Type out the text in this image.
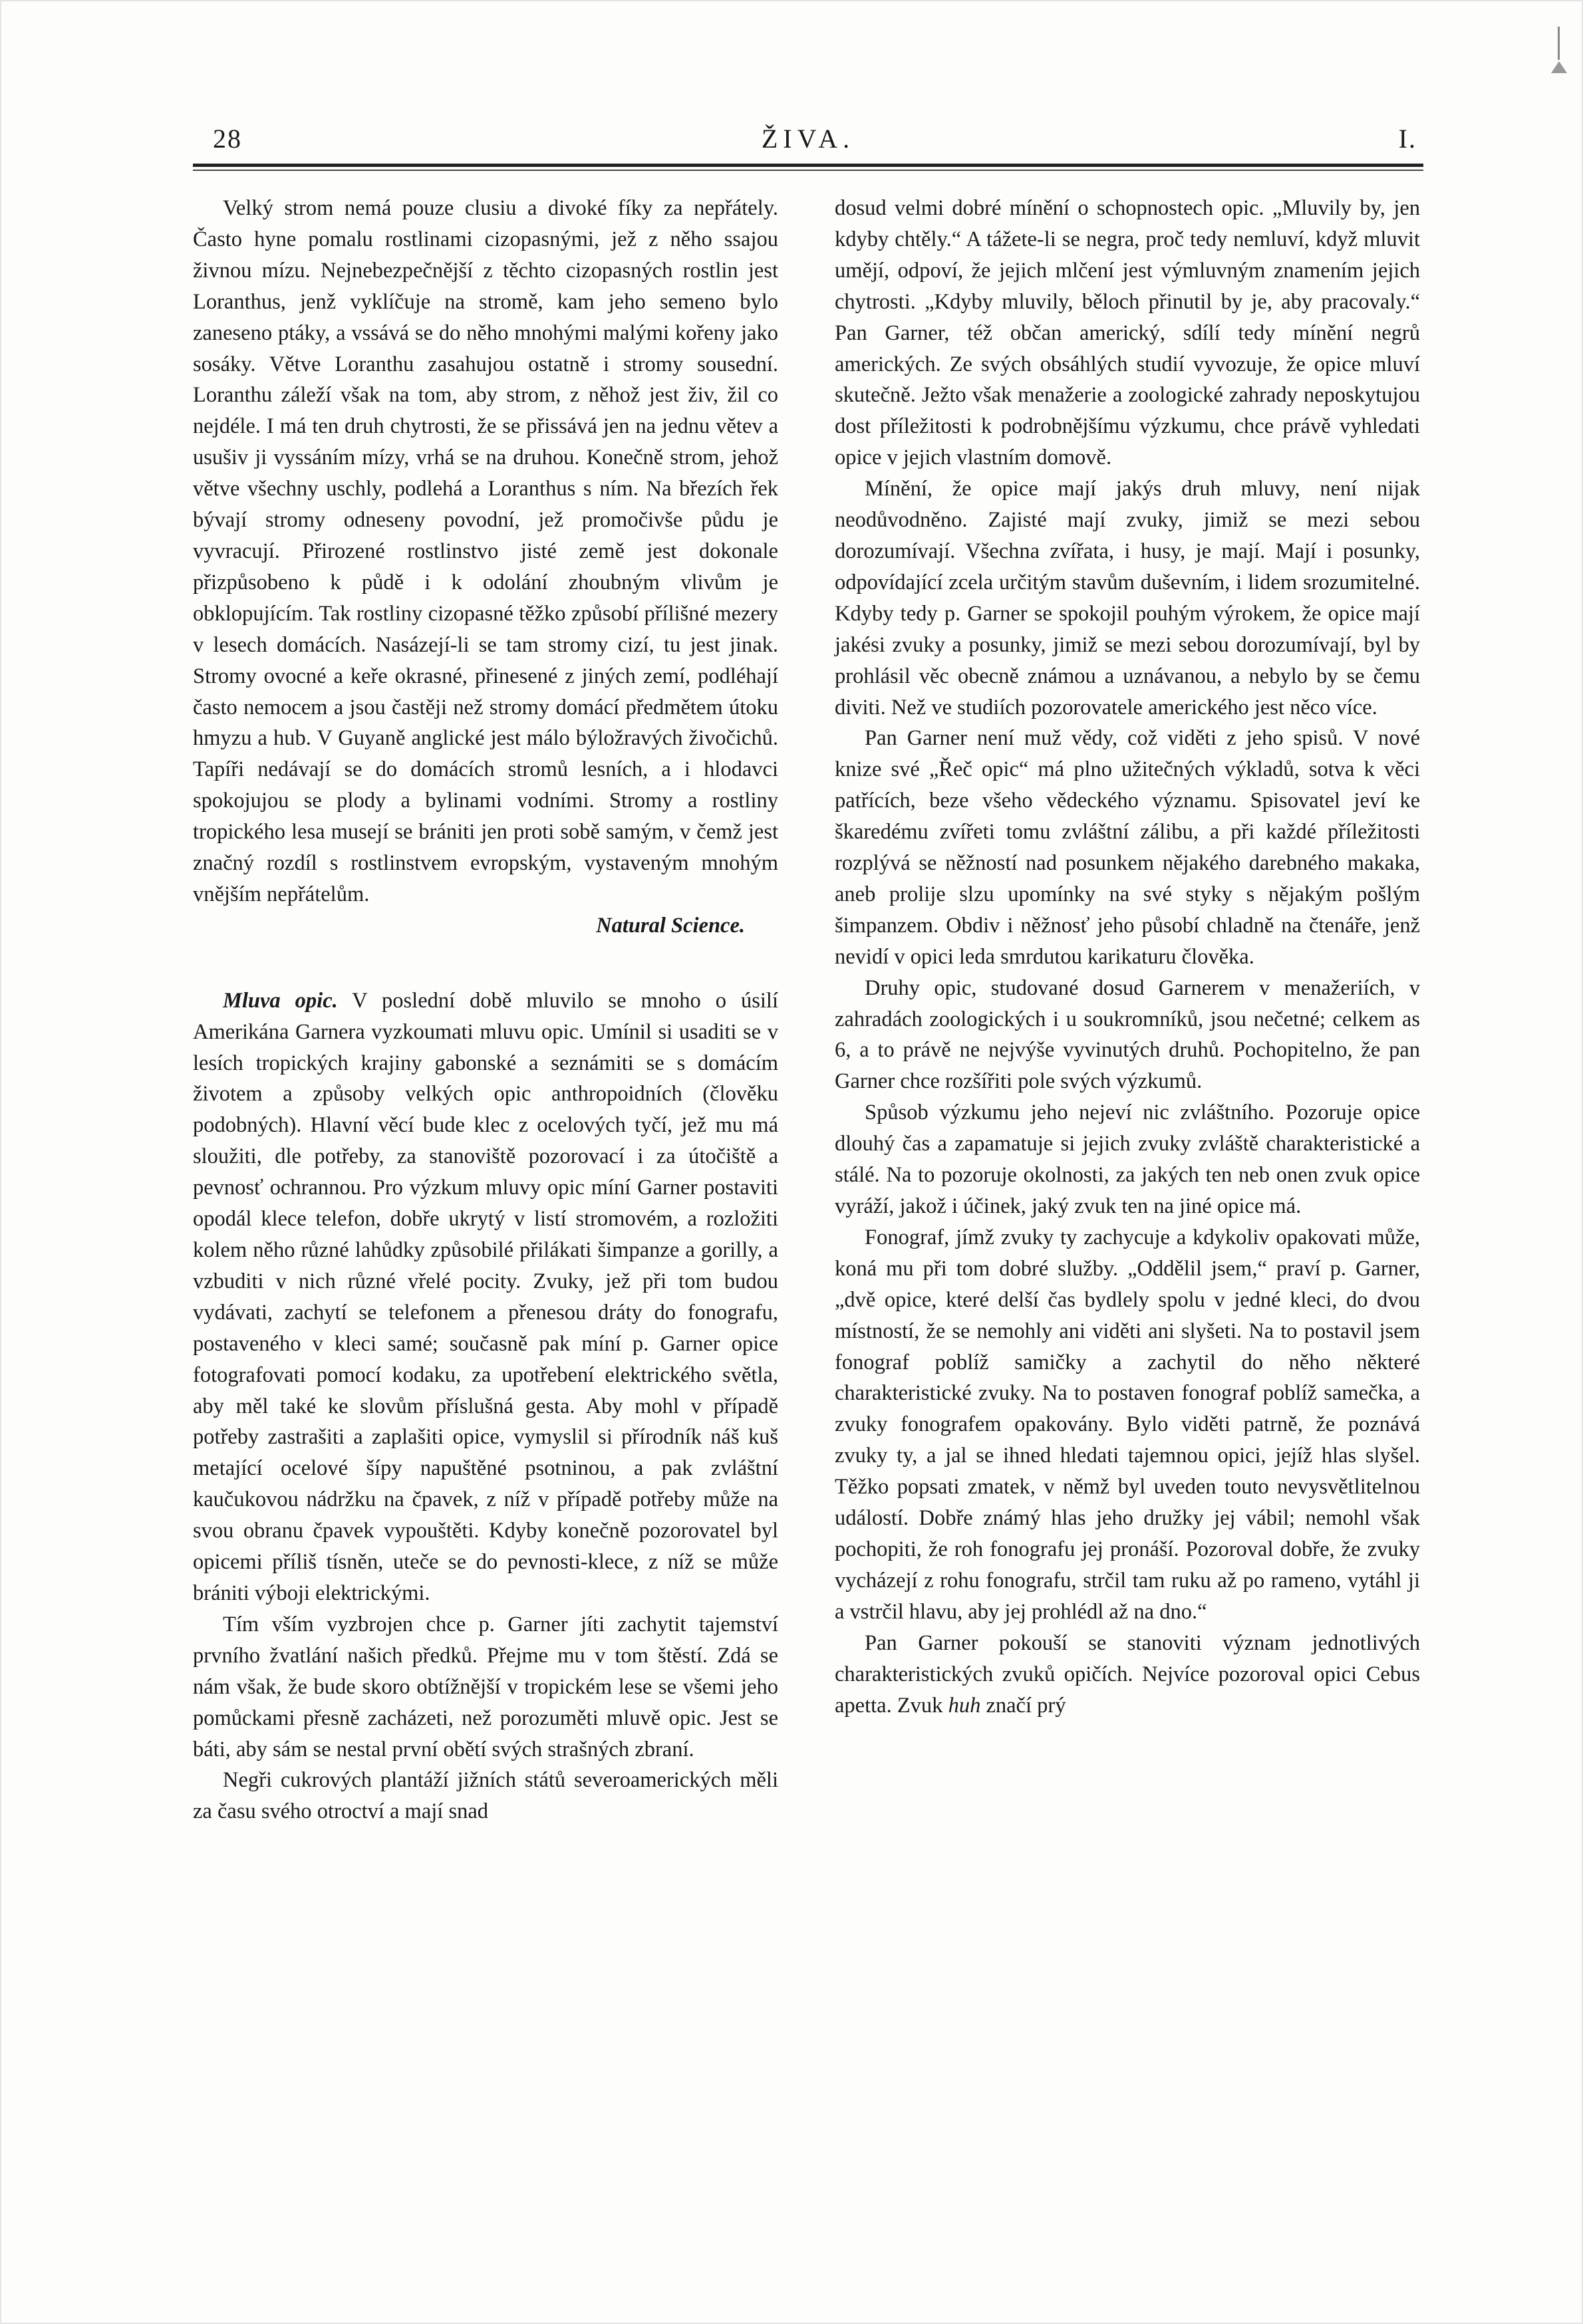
28	ŽIVA.	I.

Velký strom nemá pouze clusiu a divoké fíky za nepřátely. Často hyne pomalu rostlinami cizopasnými, jež z něho ssajou živnou mízu. Nejnebezpečnější z těchto cizopasných rostlin jest Loranthus, jenž vyklíčuje na stromě, kam jeho semeno bylo zaneseno ptáky, a vssává se do něho mnohými malými kořeny jako sosáky. Větve Loranthu zasahujou ostatně i stromy sousední. Loranthu záleží však na tom, aby strom, z něhož jest živ, žil co nejdéle. I má ten druh chytrosti, že se přissává jen na jednu větev a usušiv ji vyssáním mízy, vrhá se na druhou. Konečně strom, jehož větve všechny uschly, podlehá a Loranthus s ním. Na březích řek bývají stromy odneseny povodní, jež promočivše půdu je vyvracují. Přirozené rostlinstvo jisté země jest dokonale přizpůsobeno k půdě i k odolání zhoubným vlivům je obklopujícím. Tak rostliny cizopasné těžko způsobí přílišné mezery v lesech domácích. Nasázejí-li se tam stromy cizí, tu jest jinak. Stromy ovocné a keře okrasné, přinesené z jiných zemí, podléhají často nemocem a jsou častěji než stromy domácí předmětem útoku hmyzu a hub. V Guyaně anglické jest málo býložravých živočichů. Tapíři nedávají se do domácích stromů lesních, a i hlodavci spokojujou se plody a bylinami vodními. Stromy a rostliny tropického lesa musejí se brániti jen proti sobě samým, v čemž jest značný rozdíl s rostlinstvem evropským, vystaveným mnohým vnějším nepřátelům.

Natural Science.

Mluva opic. V poslední době mluvilo se mnoho o úsilí Amerikána Garnera vyzkoumati mluvu opic. Umínil si usaditi se v lesích tropických krajiny gabonské a seznámiti se s domácím životem a způsoby velkých opic anthropoidních (člověku podobných). Hlavní věcí bude klec z ocelových tyčí, jež mu má sloužiti, dle potřeby, za stanoviště pozorovací i za útočiště a pevnosť ochrannou. Pro výzkum mluvy opic míní Garner postaviti opodál klece telefon, dobře ukrytý v listí stromovém, a rozložiti kolem něho různé lahůdky způsobilé přilákati šimpanze a gorilly, a vzbuditi v nich různé vřelé pocity. Zvuky, jež při tom budou vydávati, zachytí se telefonem a přenesou dráty do fonografu, postaveného v kleci samé; současně pak míní p. Garner opice fotografovati pomocí kodaku, za upotřebení elektrického světla, aby měl také ke slovům příslušná gesta. Aby mohl v případě potřeby zastrašiti a zaplašiti opice, vymyslil si přírodník náš kuš metající ocelové šípy napuštěné psotninou, a pak zvláštní kaučukovou nádržku na čpavek, z níž v případě potřeby může na svou obranu čpavek vypouštěti. Kdyby konečně pozorovatel byl opicemi příliš tísněn, uteče se do pevnosti-klece, z níž se může brániti výboji elektrickými.

Tím vším vyzbrojen chce p. Garner jíti zachytit tajemství prvního žvatlání našich předků. Přejme mu v tom štěstí. Zdá se nám však, že bude skoro obtížnější v tropickém lese se všemi jeho pomůckami přesně zacházeti, než porozuměti mluvě opic. Jest se báti, aby sám se nestal první obětí svých strašných zbraní.

Negři cukrových plantáží jižních států severoamerických měli za času svého otroctví a mají snad

dosud velmi dobré mínění o schopnostech opic. „Mluvily by, jen kdyby chtěly.“ A tážete-li se negra, proč tedy nemluví, když mluvit umějí, odpoví, že jejich mlčení jest výmluvným znamením jejich chytrosti. „Kdyby mluvily, běloch přinutil by je, aby pracovaly.“ Pan Garner, též občan americký, sdílí tedy mínění negrů amerických. Ze svých obsáhlých studií vyvozuje, že opice mluví skutečně. Ježto však menažerie a zoologické zahrady neposkytujou dost příležitosti k podrobnějšímu výzkumu, chce právě vyhledati opice v jejich vlastním domově.

Mínění, že opice mají jakýs druh mluvy, není nijak neodůvodněno. Zajisté mají zvuky, jimiž se mezi sebou dorozumívají. Všechna zvířata, i husy, je mají. Mají i posunky, odpovídající zcela určitým stavům duševním, i lidem srozumitelné. Kdyby tedy p. Garner se spokojil pouhým výrokem, že opice mají jakési zvuky a posunky, jimiž se mezi sebou dorozumívají, byl by prohlásil věc obecně známou a uznávanou, a nebylo by se čemu diviti. Než ve studiích pozorovatele amerického jest něco více.

Pan Garner není muž vědy, což viděti z jeho spisů. V nové knize své „Řeč opic“ má plno užitečných výkladů, sotva k věci patřících, beze všeho vědeckého významu. Spisovatel jeví ke škaredému zvířeti tomu zvláštní zálibu, a při každé příležitosti rozplývá se něžností nad posunkem nějakého darebného makaka, aneb prolije slzu upomínky na své styky s nějakým pošlým šimpanzem. Obdiv i něžnosť jeho působí chladně na čtenáře, jenž nevidí v opici leda smrdutou karikaturu člověka.

Druhy opic, studované dosud Garnerem v menažeriích, v zahradách zoologických i u soukromníků, jsou nečetné; celkem as 6, a to právě ne nejvýše vyvinutých druhů. Pochopitelno, že pan Garner chce rozšířiti pole svých výzkumů.

Spůsob výzkumu jeho nejeví nic zvláštního. Pozoruje opice dlouhý čas a zapamatuje si jejich zvuky zvláště charakteristické a stálé. Na to pozoruje okolnosti, za jakých ten neb onen zvuk opice vyráží, jakož i účinek, jaký zvuk ten na jiné opice má.

Fonograf, jímž zvuky ty zachycuje a kdykoliv opakovati může, koná mu při tom dobré služby. „Oddělil jsem,“ praví p. Garner, „dvě opice, které delší čas bydlely spolu v jedné kleci, do dvou místností, že se nemohly ani viděti ani slyšeti. Na to postavil jsem fonograf poblíž samičky a zachytil do něho některé charakteristické zvuky. Na to postaven fonograf poblíž samečka, a zvuky fonografem opakovány. Bylo viděti patrně, že poznává zvuky ty, a jal se ihned hledati tajemnou opici, jejíž hlas slyšel. Těžko popsati zmatek, v němž byl uveden touto nevysvětlitelnou událostí. Dobře známý hlas jeho družky jej vábil; nemohl však pochopiti, že roh fonografu jej pronáší. Pozoroval dobře, že zvuky vycházejí z rohu fonografu, strčil tam ruku až po rameno, vytáhl ji a vstrčil hlavu, aby jej prohlédl až na dno.“

Pan Garner pokouší se stanoviti význam jednotlivých charakteristických zvuků opičích. Nejvíce pozoroval opici Cebus apetta. Zvuk huh značí prý
